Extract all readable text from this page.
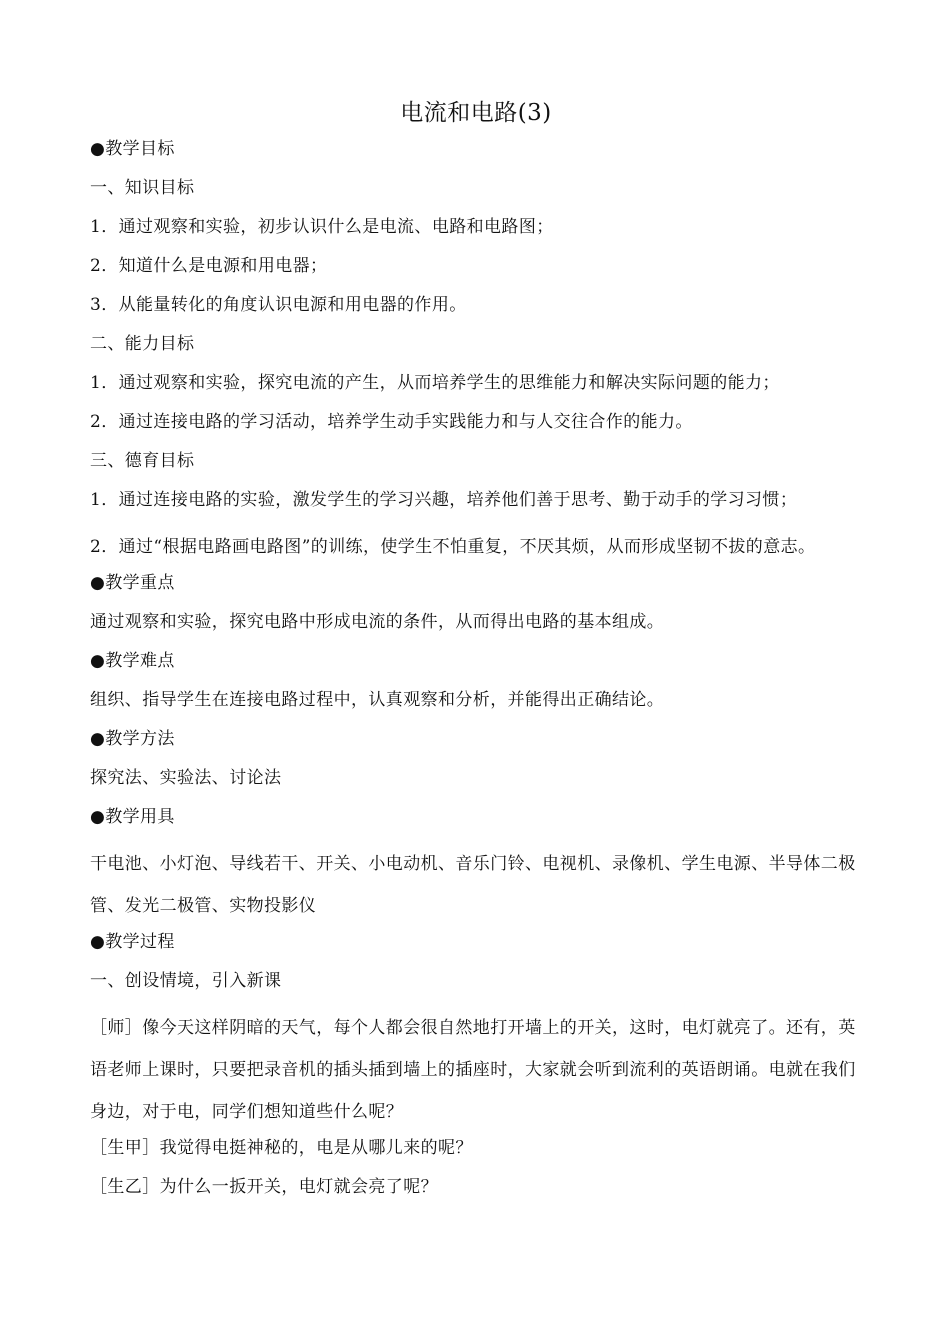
电流和电路(3)

●教学目标

一、知识目标

1．通过观察和实验，初步认识什么是电流、电路和电路图；

2．知道什么是电源和用电器；

3．从能量转化的角度认识电源和用电器的作用。

二、能力目标

1．通过观察和实验，探究电流的产生，从而培养学生的思维能力和解决实际问题的能力；

2．通过连接电路的学习活动，培养学生动手实践能力和与人交往合作的能力。

三、德育目标

1．通过连接电路的实验，激发学生的学习兴趣，培养他们善于思考、勤于动手的学习习惯；

2．通过“根据电路画电路图”的训练，使学生不怕重复，不厌其烦，从而形成坚韧不拔的意志。

●教学重点

通过观察和实验，探究电路中形成电流的条件，从而得出电路的基本组成。

●教学难点

组织、指导学生在连接电路过程中，认真观察和分析，并能得出正确结论。

●教学方法

探究法、实验法、讨论法

●教学用具

干电池、小灯泡、导线若干、开关、小电动机、音乐门铃、电视机、录像机、学生电源、半导体二极管、发光二极管、实物投影仪

●教学过程

一、创设情境，引入新课

［师］像今天这样阴暗的天气，每个人都会很自然地打开墙上的开关，这时，电灯就亮了。还有，英语老师上课时，只要把录音机的插头插到墙上的插座时，大家就会听到流利的英语朗诵。电就在我们身边，对于电，同学们想知道些什么呢？

［生甲］我觉得电挺神秘的，电是从哪儿来的呢？

［生乙］为什么一扳开关，电灯就会亮了呢？
